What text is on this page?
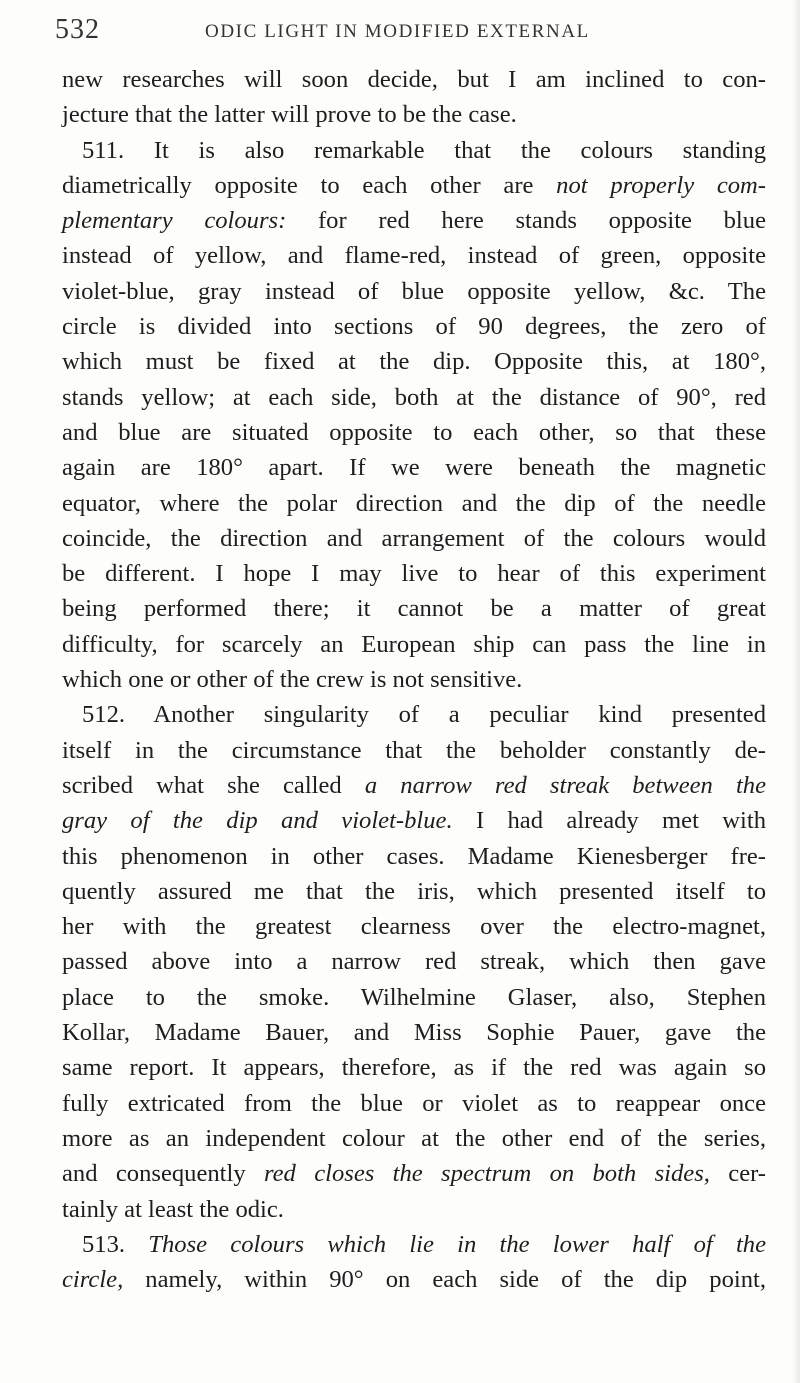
532	ODIC LIGHT IN MODIFIED EXTERNAL
new researches will soon decide, but I am inclined to con-
jecture that the latter will prove to be the case.
511. It is also remarkable that the colours standing
diametrically opposite to each other are not properly com-
plementary colours: for red here stands opposite blue
instead of yellow, and flame-red, instead of green, opposite
violet-blue, gray instead of blue opposite yellow, &c. The
circle is divided into sections of 90 degrees, the zero of
which must be fixed at the dip. Opposite this, at 180°,
stands yellow; at each side, both at the distance of 90°, red
and blue are situated opposite to each other, so that these
again are 180° apart. If we were beneath the magnetic
equator, where the polar direction and the dip of the needle
coincide, the direction and arrangement of the colours would
be different. I hope I may live to hear of this experiment
being performed there; it cannot be a matter of great
difficulty, for scarcely an European ship can pass the line in
which one or other of the crew is not sensitive.
512. Another singularity of a peculiar kind presented
itself in the circumstance that the beholder constantly de-
scribed what she called a narrow red streak between the
gray of the dip and violet-blue. I had already met with
this phenomenon in other cases. Madame Kienesberger fre-
quently assured me that the iris, which presented itself to
her with the greatest clearness over the electro-magnet,
passed above into a narrow red streak, which then gave
place to the smoke. Wilhelmine Glaser, also, Stephen
Kollar, Madame Bauer, and Miss Sophie Pauer, gave the
same report. It appears, therefore, as if the red was again so
fully extricated from the blue or violet as to reappear once
more as an independent colour at the other end of the series,
and consequently red closes the spectrum on both sides, cer-
tainly at least the odic.
513. Those colours which lie in the lower half of the
circle, namely, within 90° on each side of the dip point,
